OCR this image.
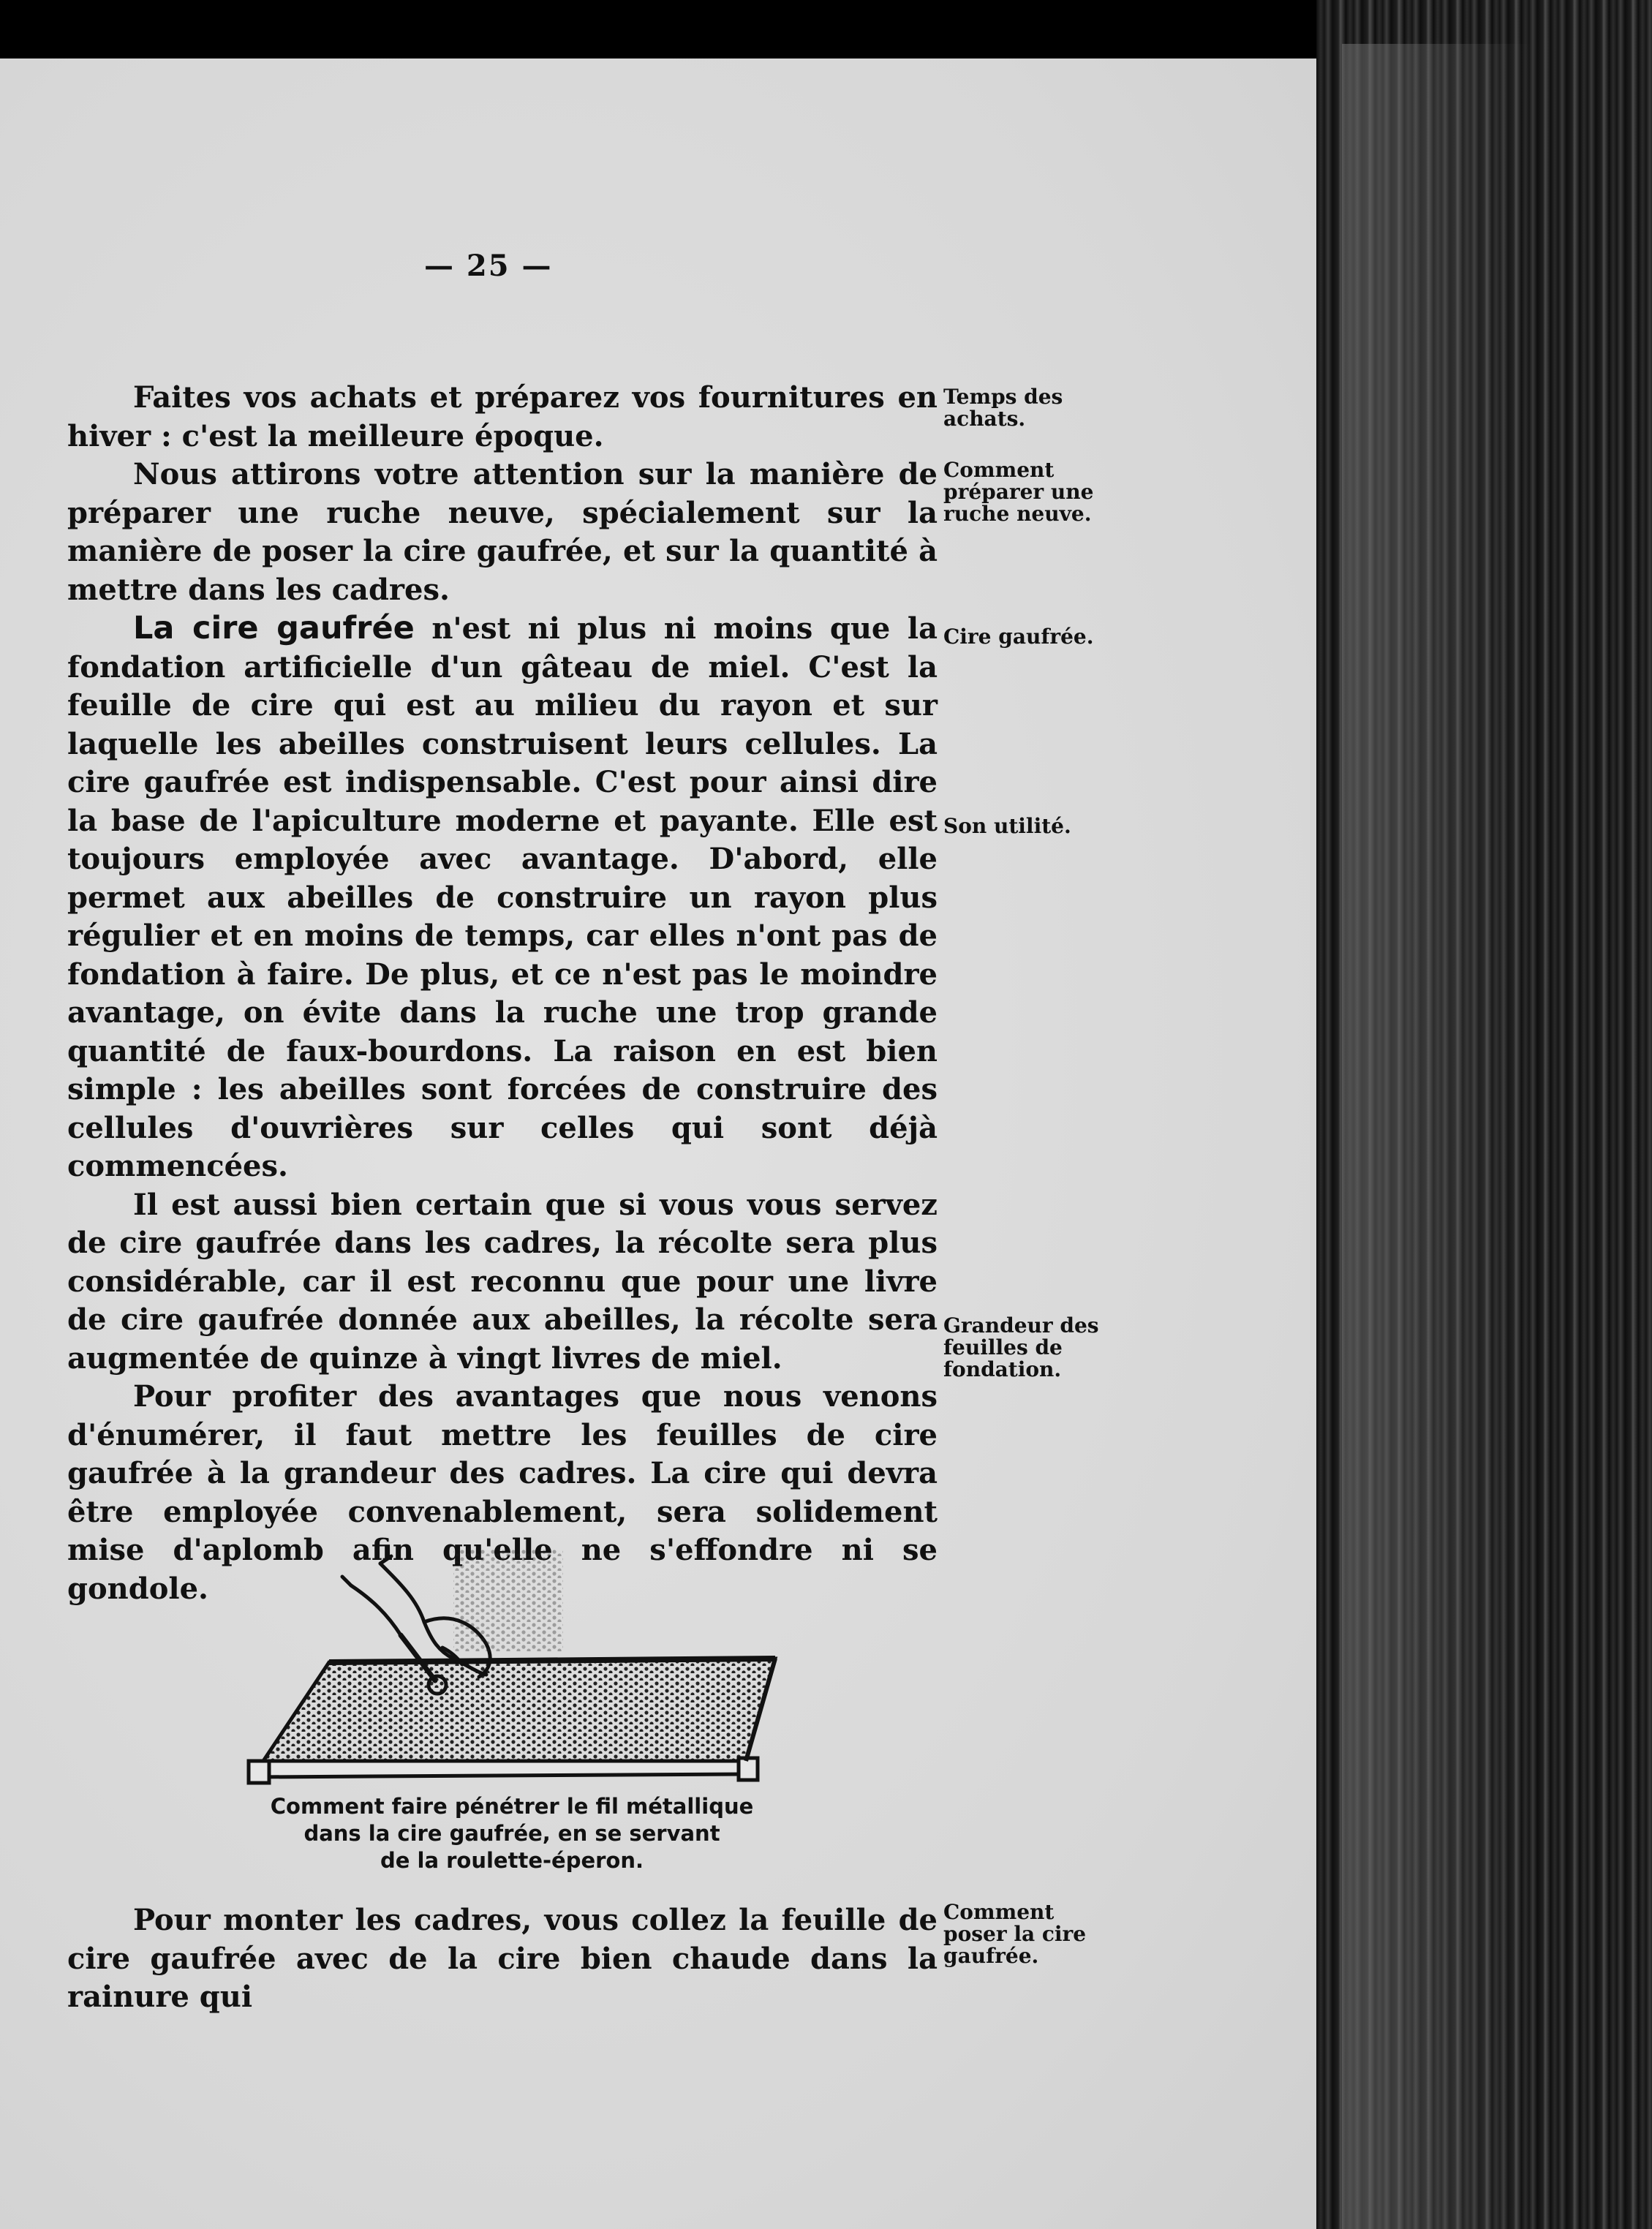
— 25 —

Faites vos achats et préparez vos fournitures en hiver : c'est la meilleure époque.

Nous attirons votre attention sur la manière de préparer une ruche neuve, spécialement sur la manière de poser la cire gaufrée, et sur la quantité à mettre dans les cadres.

La cire gaufrée n'est ni plus ni moins que la fondation artificielle d'un gâteau de miel. C'est la feuille de cire qui est au milieu du rayon et sur laquelle les abeilles construisent leurs cellules. La cire gaufrée est indispensable. C'est pour ainsi dire la base de l'apiculture moderne et payante. Elle est toujours employée avec avantage. D'abord, elle permet aux abeilles de construire un rayon plus régulier et en moins de temps, car elles n'ont pas de fondation à faire. De plus, et ce n'est pas le moindre avantage, on évite dans la ruche une trop grande quantité de faux-bourdons. La raison en est bien simple : les abeilles sont forcées de construire des cellules d'ouvrières sur celles qui sont déjà commencées.

Il est aussi bien certain que si vous vous servez de cire gaufrée dans les cadres, la récolte sera plus considérable, car il est reconnu que pour une livre de cire gaufrée donnée aux abeilles, la récolte sera augmentée de quinze à vingt livres de miel.

Pour profiter des avantages que nous venons d'énumérer, il faut mettre les feuilles de cire gaufrée à la grandeur des cadres. La cire qui devra être employée convenablement, sera solidement mise d'aplomb afin qu'elle ne s'effondre ni se gondole.

Temps des achats.
Comment préparer une ruche neuve.
Cire gaufrée.
Son utilité.
Grandeur des feuilles de fondation.
Comment poser la cire gaufrée.
Comment faire pénétrer le fil métallique
dans la cire gaufrée, en se servant
de la roulette-éperon.

Pour monter les cadres, vous collez la feuille de cire gaufrée avec de la cire bien chaude dans la rainure qui
